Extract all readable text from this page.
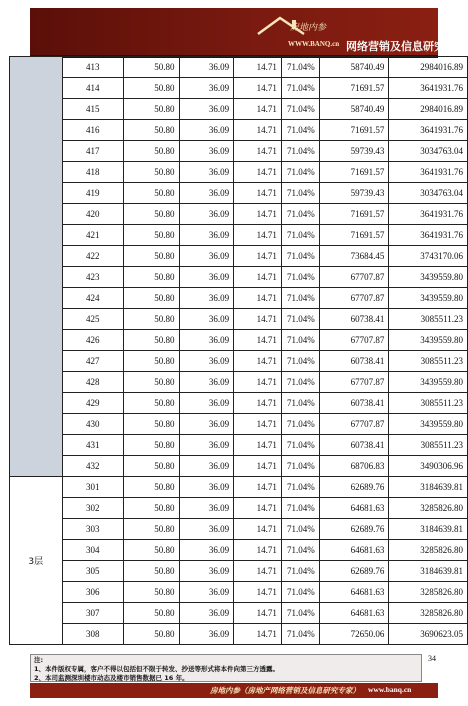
房地内参
WWW.BANQ.cn 网络营销及信息研究专家
	413	50.80	36.09	14.71	71.04%	58740.49	2984016.89
	414	50.80	36.09	14.71	71.04%	71691.57	3641931.76
	415	50.80	36.09	14.71	71.04%	58740.49	2984016.89
	416	50.80	36.09	14.71	71.04%	71691.57	3641931.76
	417	50.80	36.09	14.71	71.04%	59739.43	3034763.04
	418	50.80	36.09	14.71	71.04%	71691.57	3641931.76
	419	50.80	36.09	14.71	71.04%	59739.43	3034763.04
	420	50.80	36.09	14.71	71.04%	71691.57	3641931.76
	421	50.80	36.09	14.71	71.04%	71691.57	3641931.76
	422	50.80	36.09	14.71	71.04%	73684.45	3743170.06
	423	50.80	36.09	14.71	71.04%	67707.87	3439559.80
	424	50.80	36.09	14.71	71.04%	67707.87	3439559.80
	425	50.80	36.09	14.71	71.04%	60738.41	3085511.23
	426	50.80	36.09	14.71	71.04%	67707.87	3439559.80
	427	50.80	36.09	14.71	71.04%	60738.41	3085511.23
	428	50.80	36.09	14.71	71.04%	67707.87	3439559.80
	429	50.80	36.09	14.71	71.04%	60738.41	3085511.23
	430	50.80	36.09	14.71	71.04%	67707.87	3439559.80
	431	50.80	36.09	14.71	71.04%	60738.41	3085511.23
	432	50.80	36.09	14.71	71.04%	68706.83	3490306.96
3层	301	50.80	36.09	14.71	71.04%	62689.76	3184639.81
	302	50.80	36.09	14.71	71.04%	64681.63	3285826.80
	303	50.80	36.09	14.71	71.04%	62689.76	3184639.81
	304	50.80	36.09	14.71	71.04%	64681.63	3285826.80
	305	50.80	36.09	14.71	71.04%	62689.76	3184639.81
	306	50.80	36.09	14.71	71.04%	64681.63	3285826.80
	307	50.80	36.09	14.71	71.04%	64681.63	3285826.80
	308	50.80	36.09	14.71	71.04%	72650.06	3690623.05
注:
1、本件版权专属，客户不得以包括但不限于转发、抄送等形式将本件向第三方透露。
2、本司监测深圳楼市动态及楼市销售数据已 16 年。
34
房地内参（房地产网络营销及信息研究专家） www.banq.cn
